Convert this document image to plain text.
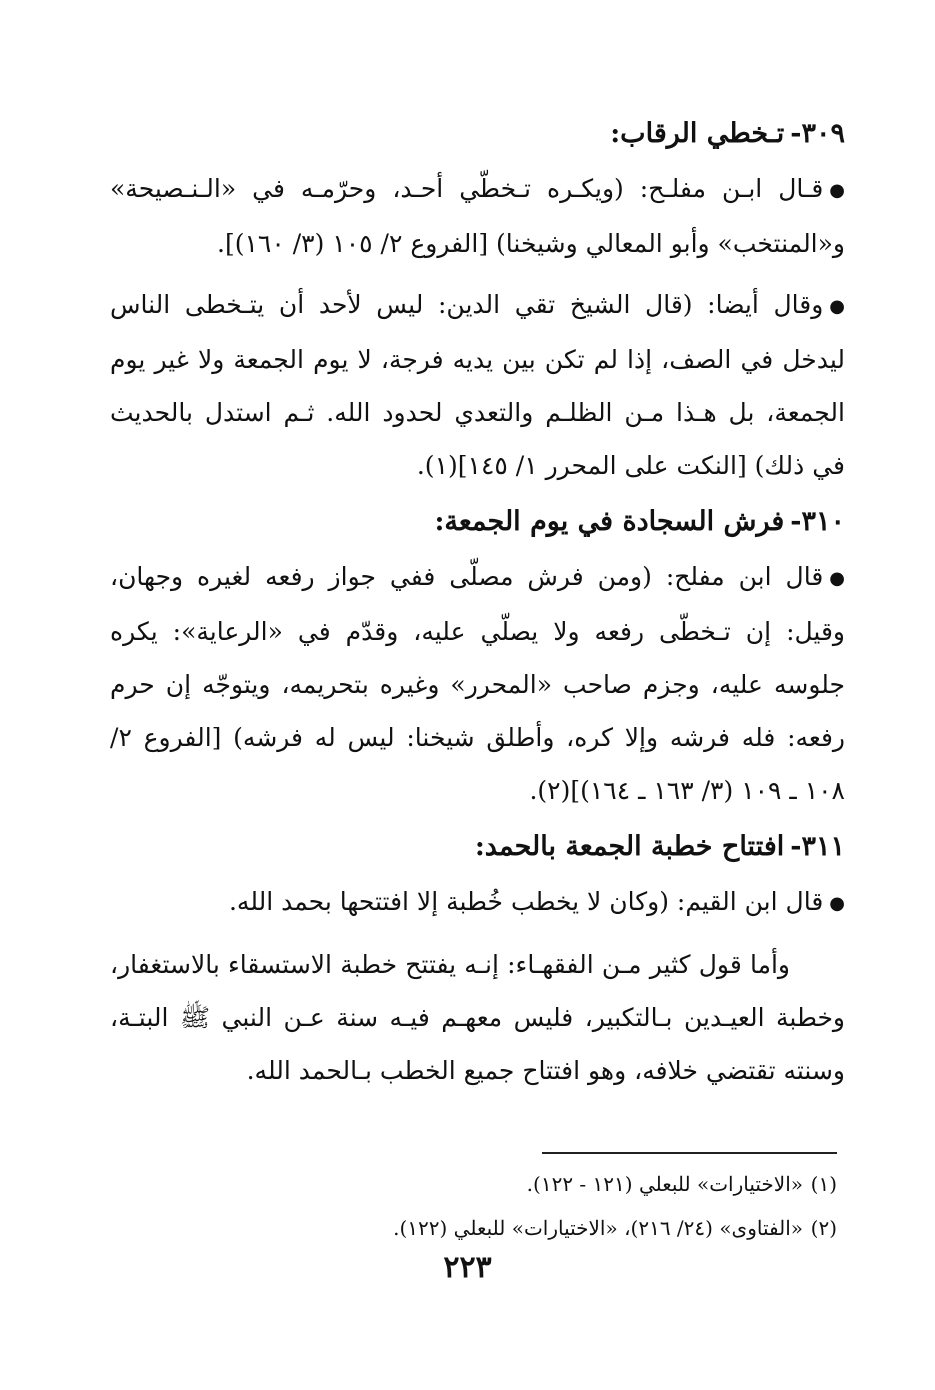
٣٠٩-تـخطي الرقاب:

●قـال ابـن مفلـح: (ويكـره تـخطّي أحـد، وحرّمـه في «الـنـصيحة» و«المنتخب» وأبو المعالي وشيخنا) [الفروع ٢/ ١٠٥ (٣/ ١٦٠)].

●وقال أيضا: (قال الشيخ تقي الدين: ليس لأحد أن يتـخطى الناس ليدخل في الصف، إذا لم تكن بين يديه فرجة، لا يوم الجمعة ولا غير يوم الجمعة، بل هـذا مـن الظلـم والتعدي لحدود الله. ثـم استدل بالحديث في ذلك) [النكت على المحرر ١/ ١٤٥](١).

٣١٠-فرش السجادة في يوم الجمعة:

●قال ابن مفلح: (ومن فرش مصلّى ففي جواز رفعه لغيره وجهان، وقيل: إن تـخطّى رفعه ولا يصلّي عليه، وقدّم في «الرعاية»: يكره جلوسه عليه، وجزم صاحب «المحرر» وغيره بتحريمه، ويتوجّه إن حرم رفعه: فله فرشه وإلا كره، وأطلق شيخنا: ليس له فرشه) [الفروع ٢/ ١٠٨ ـ ١٠٩ (٣/ ١٦٣ ـ ١٦٤)](٢).

٣١١-افتتاح خطبة الجمعة بالحمد:

●قال ابن القيم: (وكان لا يخطب خُطبة إلا افتتحها بحمد الله.

وأما قول كثير مـن الفقهـاء: إنـه يفتتح خطبة الاستسقاء بالاستغفار، وخطبة العيـدين بـالتكبير، فليس معهـم فيـه سنة عـن النبي ﷺ البتـة، وسنته تقتضي خلافه، وهو افتتاح جميع الخطب بـالحمد الله.

(١)«الاختيارات» للبعلي (١٢١ - ١٢٢).

(٢)«الفتاوى» (٢٤/ ٢١٦)، «الاختيارات» للبعلي (١٢٢).

٢٢٣
